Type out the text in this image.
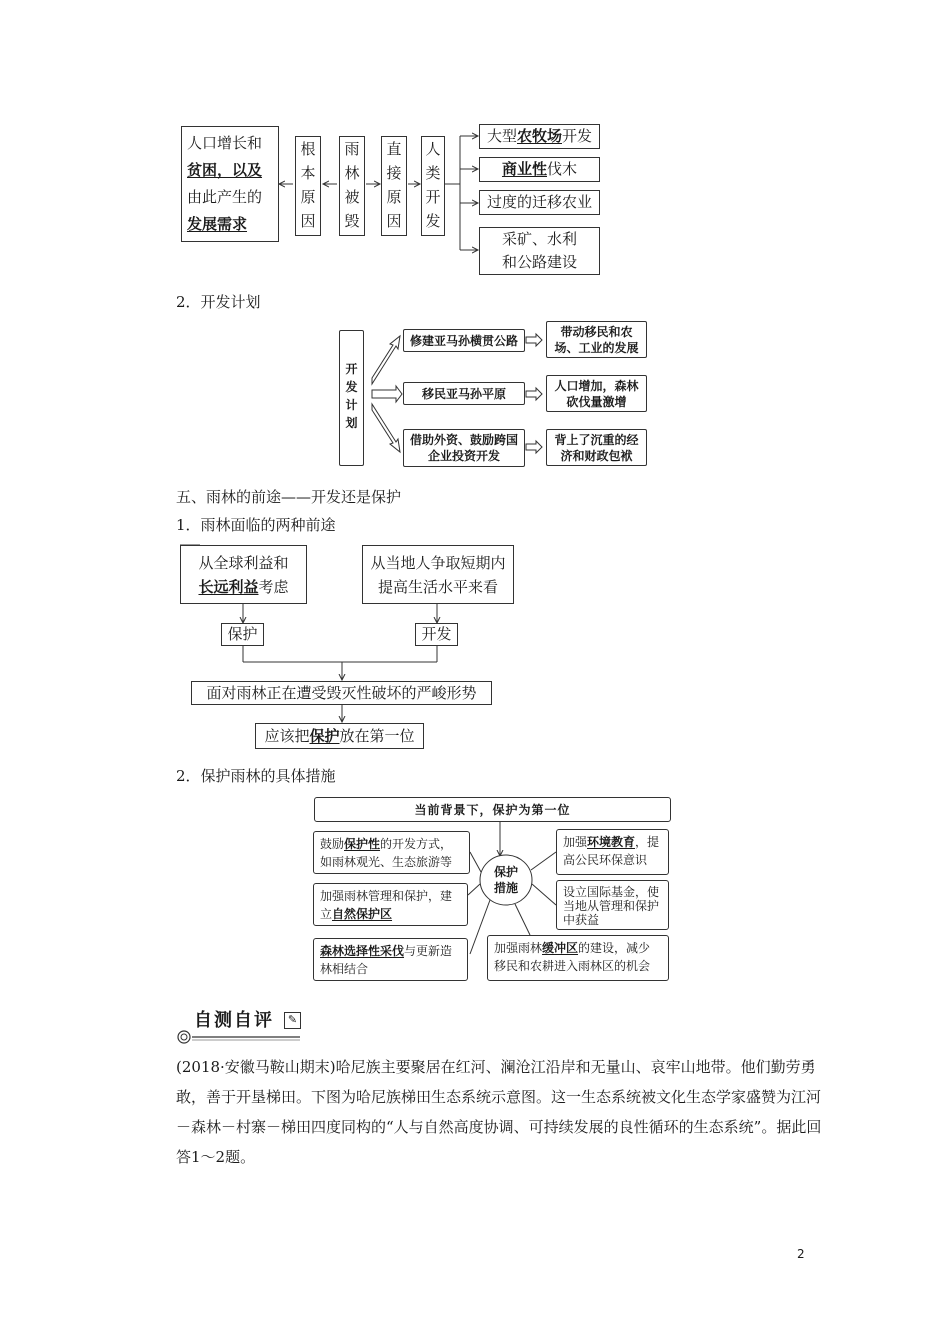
人口增长和
贫困，以及
由此产生的
发展需求
根
本
原
因
雨
林
被
毁
直
接
原
因
人
类
开
发
大型农牧场开发
商业性伐木
过度的迁移农业
采矿、水利
和公路建设
2．开发计划
开
发
计
划
修建亚马孙横贯公路
移民亚马孙平原
借助外资、鼓励跨国企业投资开发
带动移民和农场、工业的发展
人口增加，森林砍伐量激增
背上了沉重的经济和财政包袱
五、雨林的前途——开发还是保护
1．雨林面临的两种前途
从全球利益和
长远利益考虑
从当地人争取短期内
提高生活水平来看
保护	开发
面对雨林正在遭受毁灭性破坏的严峻形势
应该把保护放在第一位
2．保护雨林的具体措施
当前背景下，保护为第一位
保护
措施
鼓励保护性的开发方式，如雨林观光、生态旅游等
加强雨林管理和保护，建立自然保护区
森林选择性采伐与更新造林相结合
加强环境教育，提高公民环保意识
设立国际基金，使当地从管理和保护中获益
加强雨林缓冲区的建设，减少移民和农耕进入雨林区的机会
自测自评	✎
(2018·安徽马鞍山期末)哈尼族主要聚居在红河、澜沧江沿岸和无量山、哀牢山地带。他们勤劳勇敢，善于开垦梯田。下图为哈尼族梯田生态系统示意图。这一生态系统被文化生态学家盛赞为江河－森林－村寨－梯田四度同构的“人与自然高度协调、可持续发展的良性循环的生态系统”。据此回答1～2题。
2
